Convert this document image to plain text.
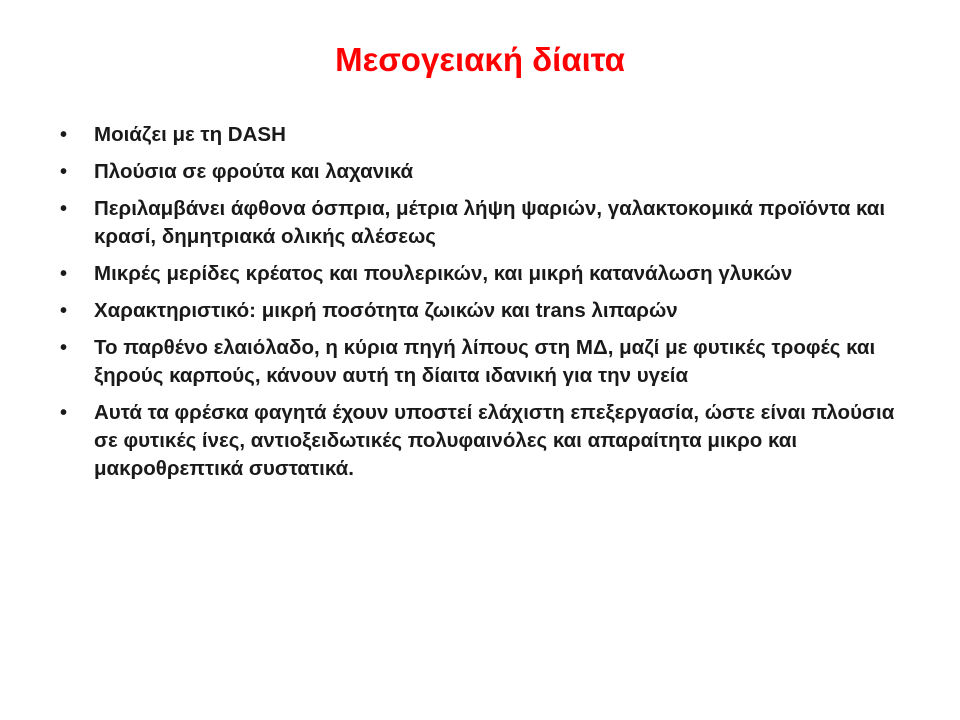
Μεσογειακή δίαιτα
•	Μοιάζει με τη DASH
•	Πλούσια σε φρούτα και λαχανικά
•	Περιλαμβάνει άφθονα όσπρια, μέτρια λήψη ψαριών, γαλακτοκομικά προϊόντα και κρασί, δημητριακά ολικής αλέσεως
•	Μικρές μερίδες κρέατος και πουλερικών, και μικρή κατανάλωση γλυκών
•	Χαρακτηριστικό: μικρή ποσότητα ζωικών και trans λιπαρών
•	Το παρθένο ελαιόλαδο, η κύρια πηγή λίπους στη ΜΔ, μαζί με φυτικές τροφές και ξηρούς καρπούς, κάνουν αυτή τη δίαιτα ιδανική για την υγεία
•	Αυτά τα φρέσκα φαγητά έχουν υποστεί ελάχιστη επεξεργασία, ώστε είναι πλούσια σε φυτικές ίνες, αντιοξειδωτικές πολυφαινόλες και απαραίτητα μικρο και μακροθρεπτικά συστατικά.
